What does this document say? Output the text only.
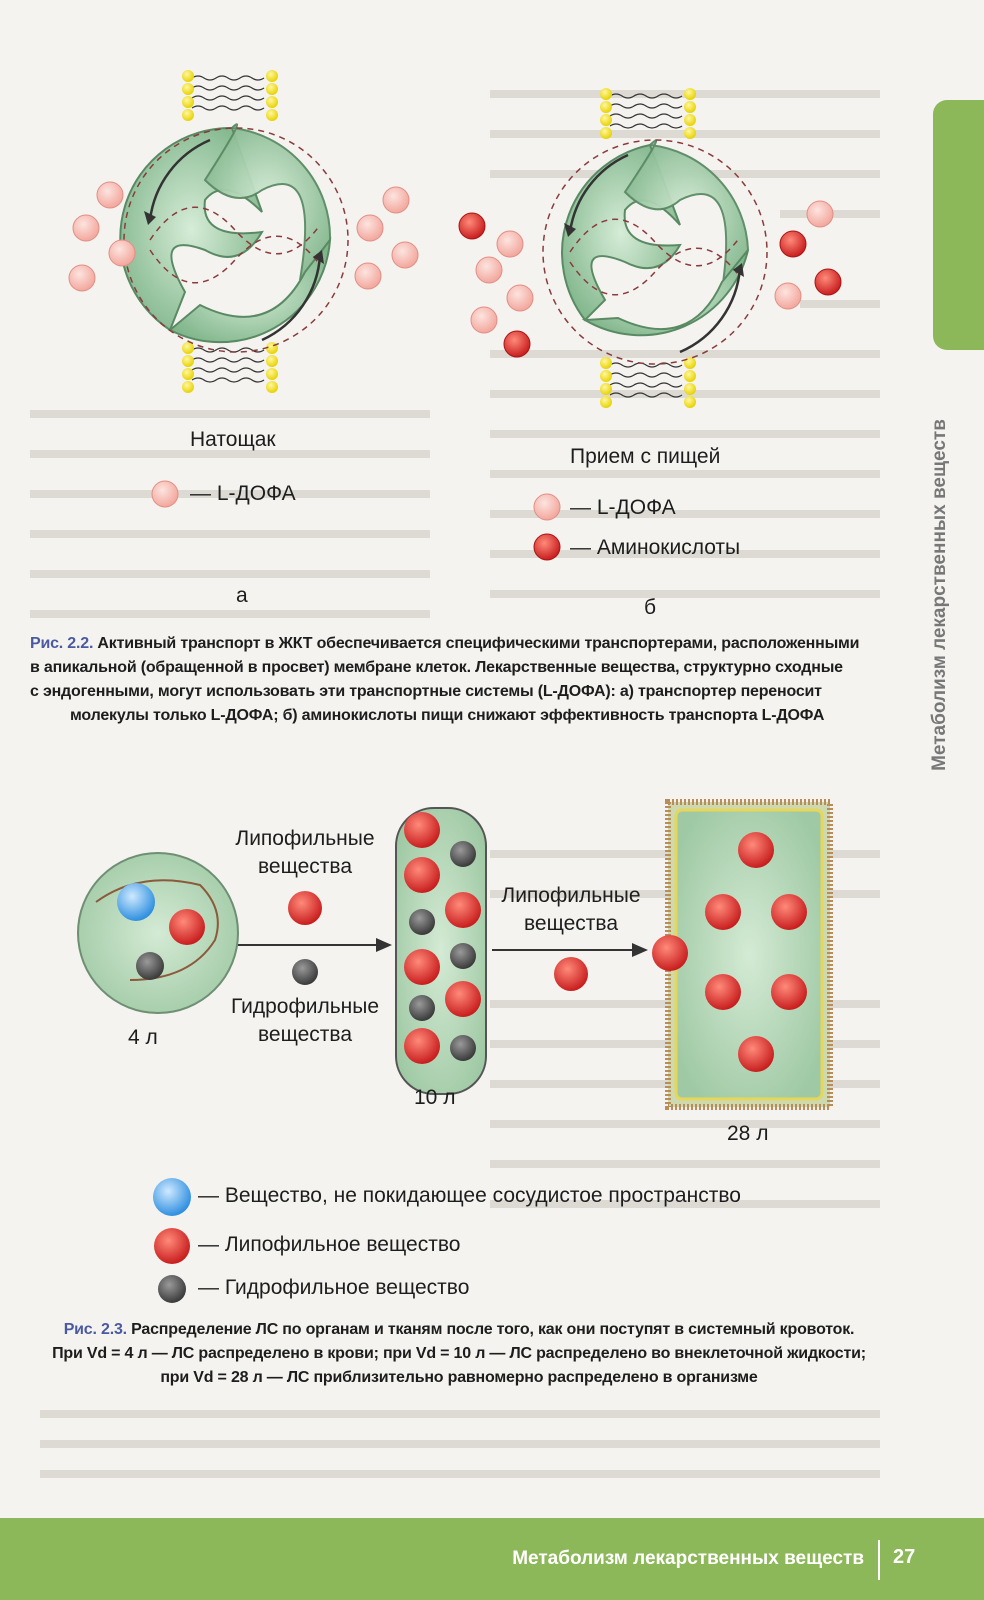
Натощак
— L-ДОФА
а
Прием с пищей
— L-ДОФА
— Аминокислоты
б
Рис. 2.2. Активный транспорт в ЖКТ обеспечивается специфическими транспортерами, расположенными
в апикальной (обращенной в просвет) мембране клеток. Лекарственные вещества, структурно сходные
с эндогенными, могут использовать эти транспортные системы (L-ДОФА): а) транспортер переносит
молекулы только L-ДОФА; б) аминокислоты пищи снижают эффективность транспорта L-ДОФА
Липофильные
вещества
Гидрофильные
вещества
Липофильные
вещества
4 л
10 л
28 л
— Вещество, не покидающее сосудистое пространство
— Липофильное вещество
— Гидрофильное вещество
Рис. 2.3. Распределение ЛС по органам и тканям после того, как они поступят в системный кровоток.
При Vd = 4 л — ЛС распределено в крови; при Vd = 10 л — ЛС распределено во внеклеточной жидкости;
при Vd = 28 л — ЛС приблизительно равномерно распределено в организме
Метаболизм лекарственных веществ
Метаболизм лекарственных веществ 27
